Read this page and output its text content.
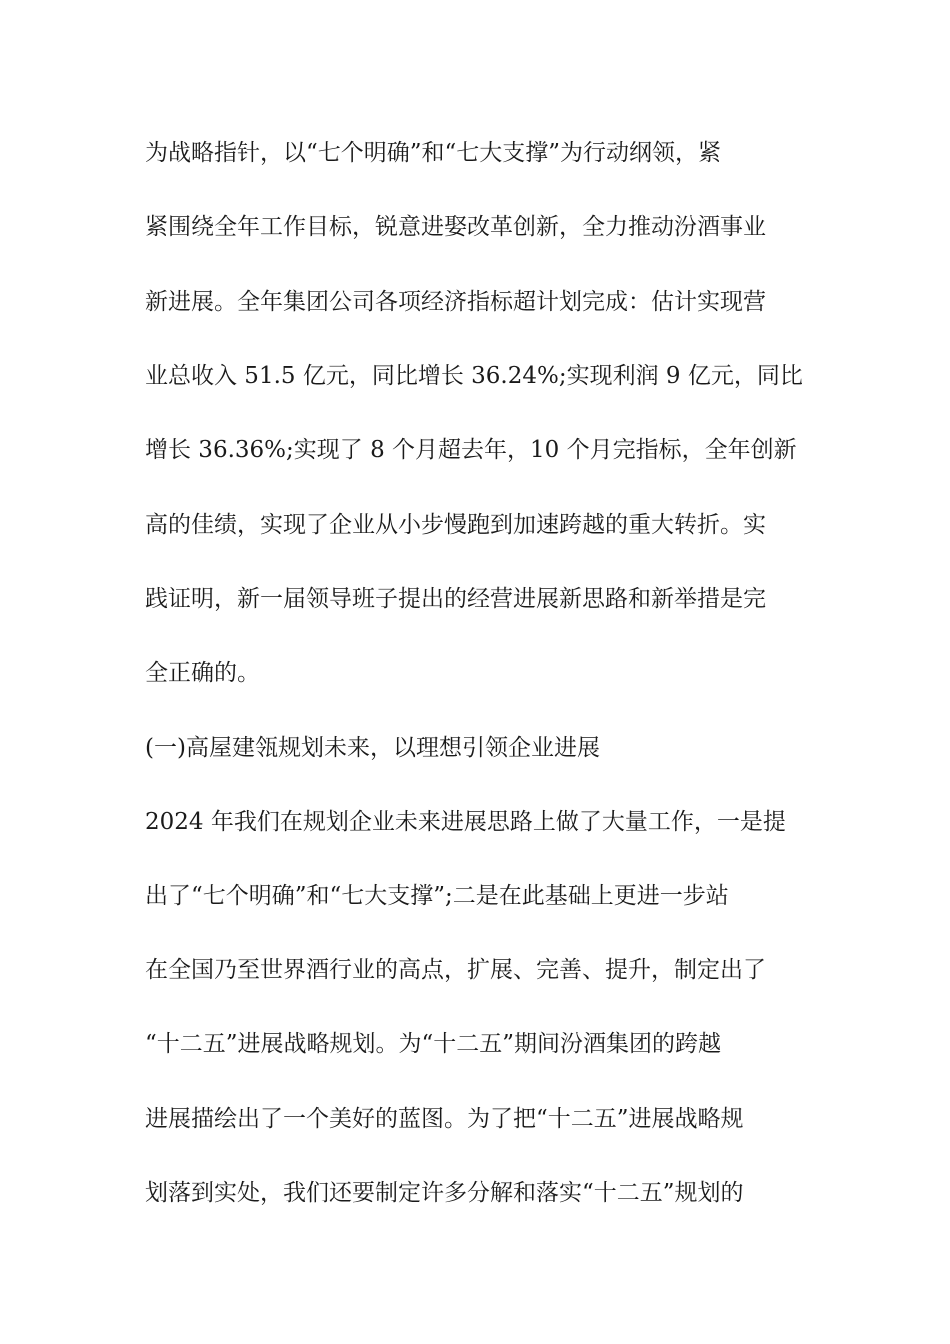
为战略指针，以“七个明确”和“七大支撑”为行动纲领，紧
紧围绕全年工作目标，锐意进娶改革创新，全力推动汾酒事业
新进展。全年集团公司各项经济指标超计划完成：估计实现营
业总收入 51.5 亿元，同比增长 36.24%;实现利润 9 亿元，同比
增长 36.36%;实现了 8 个月超去年，10 个月完指标，全年创新
高的佳绩，实现了企业从小步慢跑到加速跨越的重大转折。实
践证明，新一届领导班子提出的经营进展新思路和新举措是完
全正确的。
(一)高屋建瓴规划未来，以理想引领企业进展
2024 年我们在规划企业未来进展思路上做了大量工作，一是提
出了“七个明确”和“七大支撑”;二是在此基础上更进一步站
在全国乃至世界酒行业的高点，扩展、完善、提升，制定出了
“十二五”进展战略规划。为“十二五”期间汾酒集团的跨越
进展描绘出了一个美好的蓝图。为了把“十二五”进展战略规
划落到实处，我们还要制定许多分解和落实“十二五”规划的
